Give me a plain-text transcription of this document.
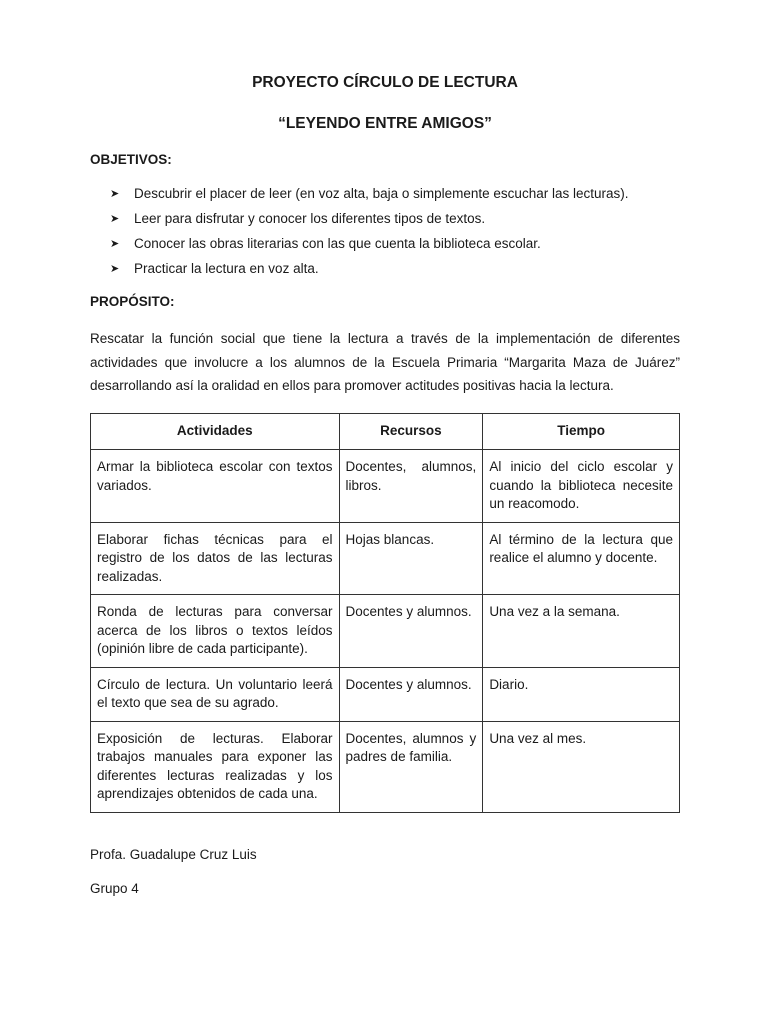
PROYECTO CÍRCULO DE LECTURA
“LEYENDO ENTRE AMIGOS”
OBJETIVOS:
➤ Descubrir el placer de leer (en voz alta, baja o simplemente escuchar las lecturas).
➤ Leer para disfrutar y conocer los diferentes tipos de textos.
➤ Conocer las obras literarias con las que cuenta la biblioteca escolar.
➤ Practicar la lectura en voz alta.
PROPÓSITO:

Rescatar la función social que tiene la lectura a través de la implementación de diferentes actividades que involucre a los alumnos de la Escuela Primaria “Margarita Maza de Juárez” desarrollando así la oralidad en ellos para promover actitudes positivas hacia la lectura.

Actividades	Recursos	Tiempo
Armar la biblioteca escolar con textos variados.	Docentes, alumnos, libros.	Al inicio del ciclo escolar y cuando la biblioteca necesite un reacomodo.
Elaborar fichas técnicas para el registro de los datos de las lecturas realizadas.	Hojas blancas.	Al término de la lectura que realice el alumno y docente.
Ronda de lecturas para conversar acerca de los libros o textos leídos (opinión libre de cada participante).	Docentes y alumnos.	Una vez a la semana.
Círculo de lectura. Un voluntario leerá el texto que sea de su agrado.	Docentes y alumnos.	Diario.
Exposición de lecturas. Elaborar trabajos manuales para exponer las diferentes lecturas realizadas y los aprendizajes obtenidos de cada una.	Docentes, alumnos y padres de familia.	Una vez al mes.
Profa. Guadalupe Cruz Luis
Grupo 4
